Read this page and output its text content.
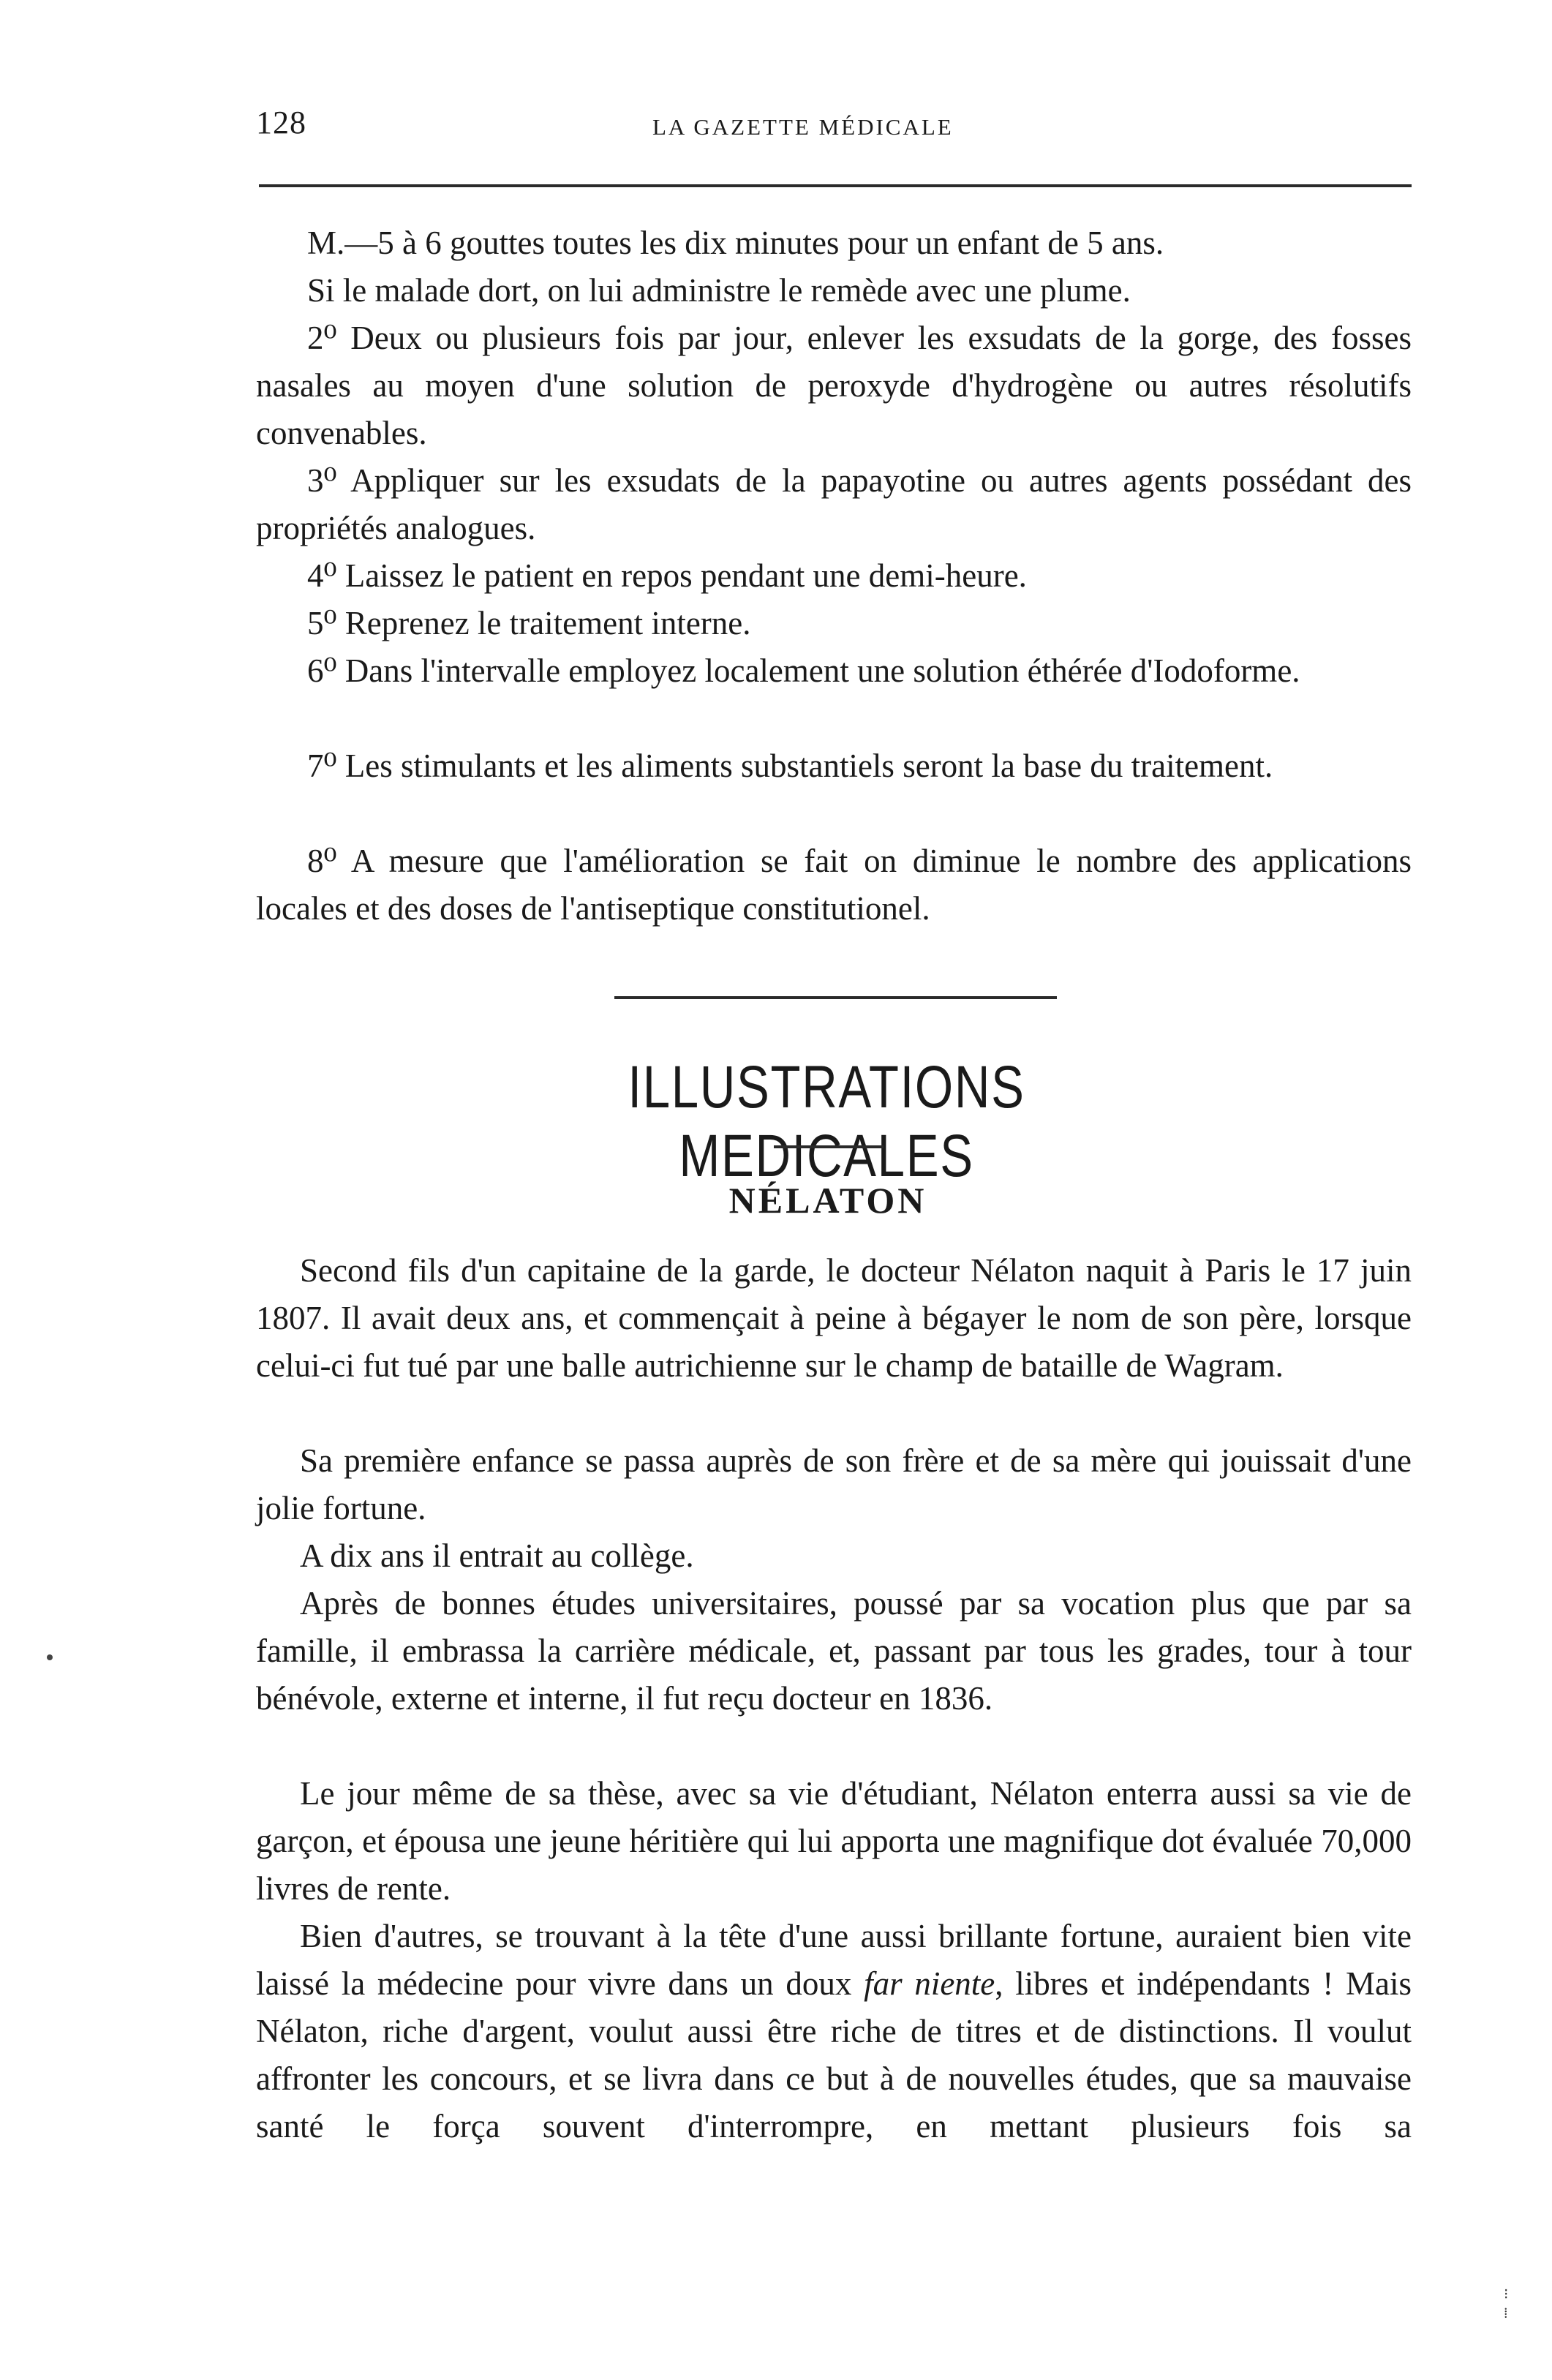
128	LA GAZETTE MÉDICALE

M.—5 à 6 gouttes toutes les dix minutes pour un enfant de 5 ans.

Si le malade dort, on lui administre le remède avec une plume.

2⁰ Deux ou plusieurs fois par jour, enlever les exsudats de la gorge, des fosses nasales au moyen d'une solution de peroxyde d'hydrogène ou autres résolutifs convenables.

3⁰ Appliquer sur les exsudats de la papayotine ou autres agents possédant des propriétés analogues.

4⁰ Laissez le patient en repos pendant une demi-heure.

5⁰ Reprenez le traitement interne.

6⁰ Dans l'intervalle employez localement une solution éthérée d'Iodoforme.

7⁰ Les stimulants et les aliments substantiels seront la base du traitement.

8⁰ A mesure que l'amélioration se fait on diminue le nombre des applications locales et des doses de l'antiseptique constitutionel.

ILLUSTRATIONS MEDICALES
NÉLATON

Second fils d'un capitaine de la garde, le docteur Nélaton naquit à Paris le 17 juin 1807. Il avait deux ans, et commençait à peine à bégayer le nom de son père, lorsque celui-ci fut tué par une balle autrichienne sur le champ de bataille de Wagram.

Sa première enfance se passa auprès de son frère et de sa mère qui jouissait d'une jolie fortune.

A dix ans il entrait au collège.

Après de bonnes études universitaires, poussé par sa vocation plus que par sa famille, il embrassa la carrière médicale, et, passant par tous les grades, tour à tour bénévole, externe et interne, il fut reçu docteur en 1836.

Le jour même de sa thèse, avec sa vie d'étudiant, Nélaton enterra aussi sa vie de garçon, et épousa une jeune héritière qui lui apporta une magnifique dot évaluée 70,000 livres de rente.

Bien d'autres, se trouvant à la tête d'une aussi brillante fortune, auraient bien vite laissé la médecine pour vivre dans un doux far niente, libres et indépendants ! Mais Nélaton, riche d'argent, voulut aussi être riche de titres et de distinctions. Il voulut affronter les concours, et se livra dans ce but à de nouvelles études, que sa mauvaise santé le força souvent d'interrompre, en mettant plusieurs fois sa

⁝
⁞
